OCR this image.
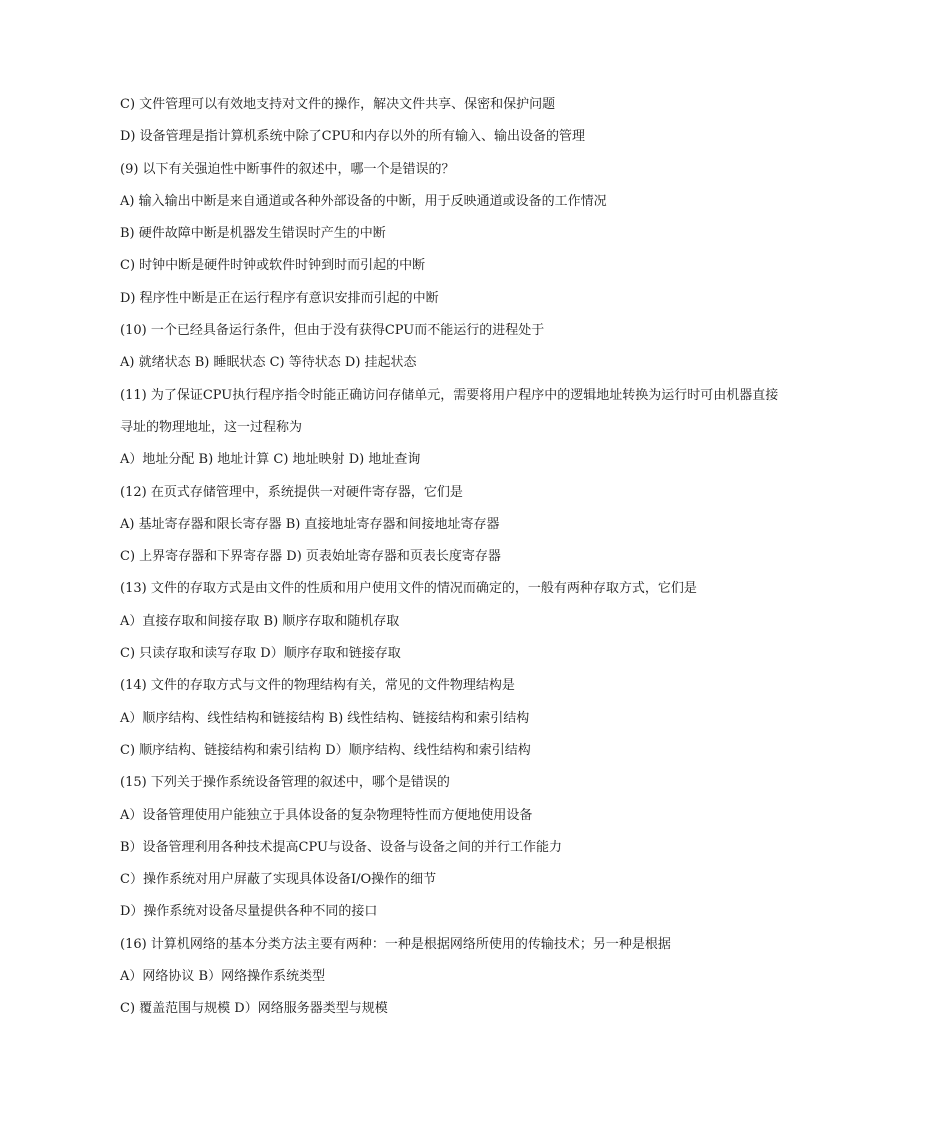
C) 文件管理可以有效地支持对文件的操作，解决文件共享、保密和保护问题
D) 设备管理是指计算机系统中除了CPU和内存以外的所有输入、输出设备的管理
(9) 以下有关强迫性中断事件的叙述中，哪一个是错误的？
A) 输入输出中断是来自通道或各种外部设备的中断，用于反映通道或设备的工作情况
B) 硬件故障中断是机器发生错误时产生的中断
C) 时钟中断是硬件时钟或软件时钟到时而引起的中断
D) 程序性中断是正在运行程序有意识安排而引起的中断
(10) 一个已经具备运行条件，但由于没有获得CPU而不能运行的进程处于
A) 就绪状态 B) 睡眠状态 C) 等待状态 D) 挂起状态
(11) 为了保证CPU执行程序指令时能正确访问存储单元，需要将用户程序中的逻辑地址转换为运行时可由机器直接
寻址的物理地址，这一过程称为
A）地址分配 B) 地址计算 C) 地址映射 D) 地址查询
(12) 在页式存储管理中，系统提供一对硬件寄存器，它们是
A) 基址寄存器和限长寄存器 B) 直接地址寄存器和间接地址寄存器
C) 上界寄存器和下界寄存器 D) 页表始址寄存器和页表长度寄存器
(13) 文件的存取方式是由文件的性质和用户使用文件的情况而确定的，一般有两种存取方式，它们是
A）直接存取和间接存取 B) 顺序存取和随机存取
C) 只读存取和读写存取 D）顺序存取和链接存取
(14) 文件的存取方式与文件的物理结构有关，常见的文件物理结构是
A）顺序结构、线性结构和链接结构 B) 线性结构、链接结构和索引结构
C) 顺序结构、链接结构和索引结构 D）顺序结构、线性结构和索引结构
(15) 下列关于操作系统设备管理的叙述中，哪个是错误的
A）设备管理使用户能独立于具体设备的复杂物理特性而方便地使用设备
B）设备管理利用各种技术提高CPU与设备、设备与设备之间的并行工作能力
C）操作系统对用户屏蔽了实现具体设备I/O操作的细节
D）操作系统对设备尽量提供各种不同的接口
(16) 计算机网络的基本分类方法主要有两种：一种是根据网络所使用的传输技术；另一种是根据
A）网络协议 B）网络操作系统类型
C) 覆盖范围与规模 D）网络服务器类型与规模
